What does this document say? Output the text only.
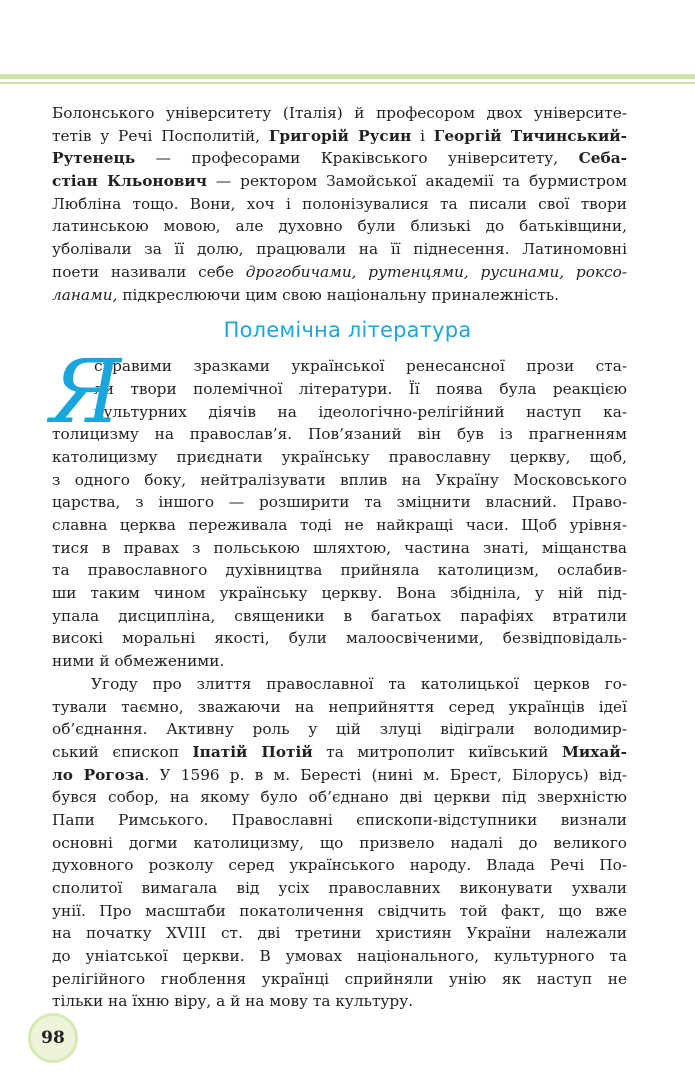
Болонського університету (Італія) й професором двох університе-
тетів у Речі Посполитій, Григорій Русин і Георгій Тичинський-
Рутенець — професорами Краківського університету, Себа-
стіан Кльонович — ректором Замойської академії та бурмистром
Любліна тощо. Вони, хоч і полонізувалися та писали свої твори
латинською мовою, але духовно були близькі до батьківщини,
уболівали за її долю, працювали на її піднесення. Латиномовні
поети називали себе дрогобичами, рутенцями, русинами, роксо-
ланами, підкреслюючи цим свою національну приналежність.
скравими зразками української ренесансної прози ста-
ли твори полемічної літератури. Її поява була реакцією
культурних діячів на ідеологічно-релігійний наступ ка-
толицизму на православ’я. Пов’язаний він був із прагненням
католицизму приєднати українську православну церкву, щоб,
з одного боку, нейтралізувати вплив на Україну Московського
царства, з іншого — розширити та зміцнити власний. Право-
славна церква переживала тоді не найкращі часи. Щоб урівня-
тися в правах з польською шляхтою, частина знаті, міщанства
та православного духівництва прийняла католицизм, ослабив-
ши таким чином українську церкву. Вона збідніла, у ній під-
упала дисципліна, священики в багатьох парафіях втратили
високі моральні якості, були малоосвіченими, безвідповідаль-
ними й обмеженими.
Угоду про злиття православної та католицької церков го-
тували таємно, зважаючи на неприйняття серед українців ідеї
об’єднання. Активну роль у цій злуці відіграли володимир-
ський єпископ Іпатій Потій та митрополит київський Михай-
ло Рогоза. У 1596 р. в м. Бересті (нині м. Брест, Білорусь) від-
бувся собор, на якому було об’єднано дві церкви під зверхністю
Папи Римського. Православні єпископи-відступники визнали
основні догми католицизму, що призвело надалі до великого
духовного розколу серед українського народу. Влада Речі По-
сполитої вимагала від усіх православних виконувати ухвали
унії. Про масштаби покатоличення свідчить той факт, що вже
на початку XVIII ст. дві третини християн України належали
до уніатської церкви. В умовах національного, культурного та
релігійного гноблення українці сприйняли унію як наступ не
тільки на їхню віру, а й на мову та культуру.
Полемічна література
Я
98
